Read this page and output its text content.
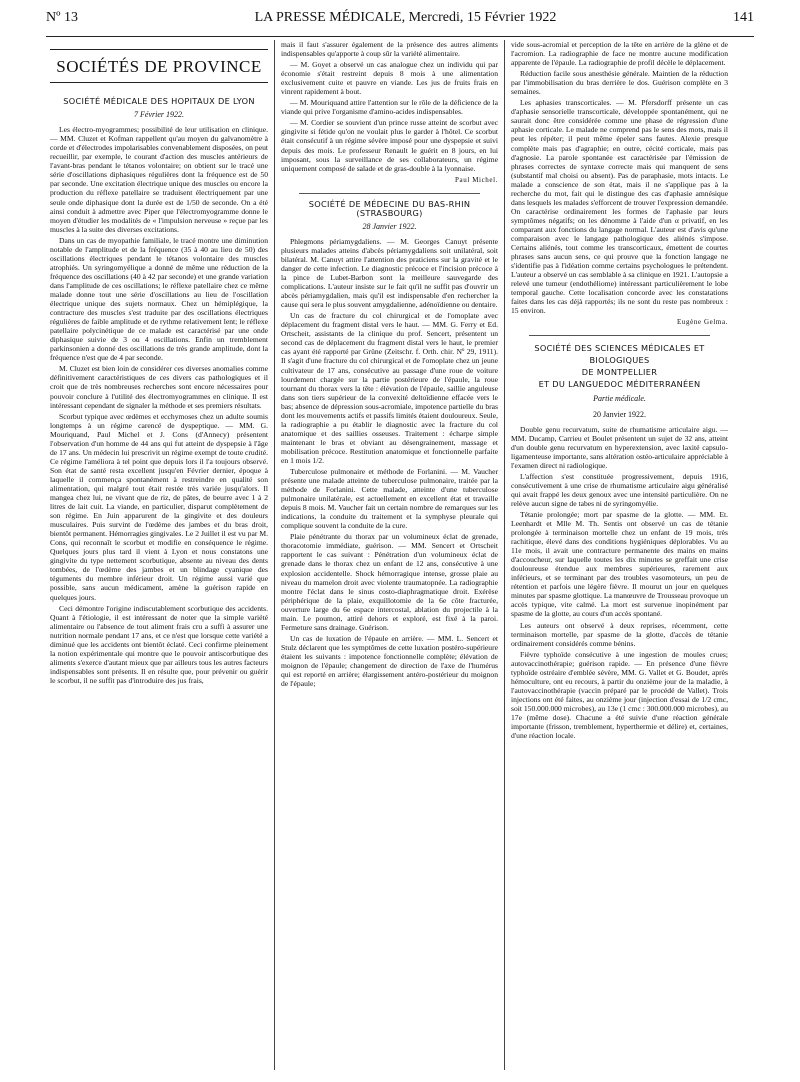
Nº 13	LA PRESSE MÉDICALE, Mercredi, 15 Février 1922	141
SOCIÉTÉS DE PROVINCE
SOCIÉTÉ MÉDICALE DES HOPITAUX DE LYON
7 Février 1922.

Les électro-myogrammes; possibilité de leur utilisation en clinique. — MM. Cluzet et Kofman rappellent qu'au moyen du galvanomètre à corde et d'électrodes impolarisables convenablement disposées, on peut recueillir, par exemple, le courant d'action des muscles antérieurs de l'avant-bras pendant le tétanos volontaire; on obtient sur le tracé une série d'oscillations diphasiques régulières dont la fréquence est de 50 par seconde. Une excitation électrique unique des muscles ou encore la production du réflexe patellaire se traduisent électriquement par une seule onde diphasique dont la durée est de 1/50 de seconde. On a été ainsi conduit à admettre avec Piper que l'électromyogramme donne le moyen d'étudier les modalités de « l'impulsion nerveuse » reçue par les muscles à la suite des diverses excitations.

Dans un cas de myopathie familiale, le tracé montre une diminution notable de l'amplitude et de la fréquence (35 à 40 au lieu de 50) des oscillations électriques pendant le tétanos volontaire des muscles atrophiés. Un syringomyélique a donné de même une réduction de la fréquence des oscillations (40 à 42 par seconde) et une grande variation dans l'amplitude de ces oscillations; le réflexe patellaire chez ce même malade donne tout une série d'oscillations au lieu de l'oscillation électrique unique des sujets normaux. Chez un hémiplégique, la contracture des muscles s'est traduite par des oscillations électriques régulières de faible amplitude et de rythme relativement lent; le réflexe patellaire polycinétique de ce malade est caractérisé par une onde diphasique suivie de 3 ou 4 oscillations. Enfin un tremblement parkinsonien a donné des oscillations de très grande amplitude, dont la fréquence n'est que de 4 par seconde.

M. Cluzet est bien loin de considérer ces diverses anomalies comme définitivement caractéristiques de ces divers cas pathologiques et il croit que de très nombreuses recherches sont encore nécessaires pour pouvoir conclure à l'utilité des électromyogrammes en clinique. Il est intéressant cependant de signaler la méthode et ses premiers résultats.

Scorbut typique avec œdèmes et ecchymoses chez un adulte soumis longtemps à un régime carencé de dyspeptique. — MM. G. Mouriquand, Paul Michel et J. Cons (d'Annecy) présentent l'observation d'un homme de 44 ans qui fut atteint de dyspepsie à l'âge de 17 ans. Un médecin lui prescrivit un régime exempt de toute crudité. Ce régime l'améliora à tel point que depuis lors il l'a toujours observé. Son état de santé resta excellent jusqu'en Février dernier, époque à laquelle il commença spontanément à restreindre en qualité son alimentation, qui malgré tout était restée très variée jusqu'alors. Il mangea chez lui, ne vivant que de riz, de pâtes, de beurre avec 1 à 2 litres de lait cuit. La viande, en particulier, disparut complètement de son régime. En Juin apparurent de la gingivite et des douleurs musculaires. Puis survint de l'œdème des jambes et du bras droit, bientôt permanent. Hémorragies gingivales. Le 2 Juillet il est vu par M. Cons, qui reconnaît le scorbut et modifie en conséquence le régime. Quelques jours plus tard il vient à Lyon et nous constatons une gingivite du type nettement scorbutique, absente au niveau des dents tombées, de l'œdème des jambes et un blindage cyanique des téguments du membre inférieur droit. Un régime aussi varié que possible, sans aucun médicament, amène la guérison rapide en quelques jours.

Ceci démontre l'origine indiscutablement scorbutique des accidents. Quant à l'étiologie, il est intéressant de noter que la simple variété alimentaire ou l'absence de tout aliment frais cru a suffi à assurer une nutrition normale pendant 17 ans, et ce n'est que lorsque cette variété a diminué que les accidents ont bientôt éclaté. Ceci confirme pleinement la notion expérimentale qui montre que le pouvoir antiscorbutique des aliments s'exerce d'autant mieux que par ailleurs tous les autres facteurs indispensables sont présents. Il en résulte que, pour prévenir ou guérir le scorbut, il ne suffit pas d'introduire des jus frais,

mais il faut s'assurer également de la présence des autres aliments indispensables qu'apporte à coup sûr la variété alimentaire.

— M. Goyet a observé un cas analogue chez un individu qui par économie s'était restreint depuis 8 mois à une alimentation exclusivement cuite et pauvre en viande. Les jus de fruits frais en vinrent rapidement à bout.

— M. Mouriquand attire l'attention sur le rôle de la déficience de la viande qui prive l'organisme d'amino-acides indispensables.

— M. Cordier se souvient d'un prince russe atteint de scorbut avec gingivite si fétide qu'on ne voulait plus le garder à l'hôtel. Ce scorbut était consécutif à un régime sévère imposé pour une dyspepsie et suivi depuis des mois. Le professeur Renault le guérit en 8 jours, en lui imposant, sous la surveillance de ses collaborateurs, un régime uniquement composé de salade et de gras-double à la lyonnaise.

Paul Michel.
SOCIÉTÉ DE MÉDECINE DU BAS-RHIN (STRASBOURG)
28 Janvier 1922.

Phlegmons périamygdaliens. — M. Georges Canuyt présente plusieurs malades atteins d'abcès périamygdaliens soit unilatéral, soit bilatéral. M. Canuyt attire l'attention des praticiens sur la gravité et le danger de cette infection. Le diagnostic précoce et l'incision précoce à la pince de Lubet-Barbon sont la meilleure sauvegarde des complications. L'auteur insiste sur le fait qu'il ne suffit pas d'ouvrir un abcès périamygdalien, mais qu'il est indispensable d'en rechercher la cause qui sera le plus souvent amygdalienne, adénoïdienne ou dentaire.

Un cas de fracture du col chirurgical et de l'omoplate avec déplacement du fragment distal vers le haut. — MM. G. Ferry et Ed. Ortscheit, assistants de la clinique du prof. Sencert, présentent un second cas de déplacement du fragment distal vers le haut, le premier cas ayant été rapporté par Grüne (Zeitschr. f. Orth. chir. Nº 29, 1911). Il s'agit d'une fracture du col chirurgical et de l'omoplate chez un jeune cultivateur de 17 ans, consécutive au passage d'une roue de voiture lourdement chargée sur la partie postérieure de l'épaule, la roue tournant du thorax vers la tête : élévation de l'épaule, saillie anguleuse dans son tiers supérieur de la convexité deltoïdienne effacée vers le bas; absence de dépression sous-acromiale, impotence partielle du bras dont les mouvements actifs et passifs limités étaient douloureux. Seule, la radiographie a pu établir le diagnostic avec la fracture du col anatomique et des saillies osseuses. Traitement : écharpe simple maintenant le bras et obviant au désengrainement, massage et mobilisation précoce. Restitution anatomique et fonctionnelle parfaite en 1 mois 1/2.

Tuberculose pulmonaire et méthode de Forlanini. — M. Vaucher présente une malade atteinte de tuberculose pulmonaire, traitée par la méthode de Forlanini. Cette malade, atteinte d'une tuberculose pulmonaire unilatérale, est actuellement en excellent état et travaille depuis 8 mois. M. Vaucher fait un certain nombre de remarques sur les indications, la conduite du traitement et la symphyse pleurale qui complique souvent la conduite de la cure.

Plaie pénétrante du thorax par un volumineux éclat de grenade, thoracotomie immédiate, guérison. — MM. Sencert et Ortscheit rapportent le cas suivant : Pénétration d'un volumineux éclat de grenade dans le thorax chez un enfant de 12 ans, consécutive à une explosion accidentelle. Shock hémorragique intense, grosse plaie au niveau du mamelon droit avec violente traumatopnée. La radiographie montre l'éclat dans le sinus costo-diaphragmatique droit. Exérèse périphérique de la plaie, exquillotomie de la 6e côte fracturée, ouverture large du 6e espace intercostal, ablation du projectile à la main. Le poumon, attiré dehors et exploré, est fixé à la paroi. Fermeture sans drainage. Guérison.

Un cas de luxation de l'épaule en arrière. — MM. L. Sencert et Stulz déclarent que les symptômes de cette luxation postéro-supérieure étaient les suivants : impotence fonctionnelle complète; élévation de moignon de l'épaule; changement de direction de l'axe de l'humérus qui est reporté en arrière; élargissement antéro-postérieur du moignon de l'épaule;

vide sous-acromial et perception de la tête en arrière de la glène et de l'acromion. La radiographie de face ne montre aucune modification apparente de l'épaule. La radiographie de profil décèle le déplacement.

Réduction facile sous anesthésie générale. Maintien de la réduction par l'immobilisation du bras derrière le dos. Guérison complète en 3 semaines.

Les aphasies transcorticales. — M. Pfersdorff présente un cas d'aphasie sensorielle transcorticale, développée spontanément, qui ne saurait donc être considérée comme une phase de régression d'une aphasie corticale. Le malade ne comprend pas le sens des mots, mais il peut les répéter; il peut même épeler sans fautes. Alexie presque complète mais pas d'agraphie; en outre, cécité corticale, mais pas d'agnosie. La parole spontanée est caractérisée par l'émission de phrases correctes de syntaxe correcte mais qui manquent de sens (substantif mal choisi ou absent). Pas de paraphasie, mots intacts. Le malade a conscience de son état, mais il ne s'applique pas à la recherche du mot, fait qui le distingue des cas d'aphasie amnésique dans lesquels les malades s'efforcent de trouver l'expression demandée. On caractérise ordinairement les formes de l'aphasie par leurs symptômes négatifs; on les dénomme à l'aide d'un α privatif, en les comparant aux fonctions du langage normal. L'auteur est d'avis qu'une comparaison avec le langage pathologique des aliénés s'impose. Certains aliénés, tout comme les transcorticaux, émettent de courtes phrases sans aucun sens, ce qui prouve que la fonction langage ne s'identifie pas à l'idéation comme certains psychologues le prétendent. L'auteur a observé un cas semblable à sa clinique en 1921. L'autopsie a relevé une tumeur (endothéliome) intéressant particulièrement le lobe temporal gauche. Cette localisation concorde avec les constatations faites dans les cas déjà rapportés; ils ne sont du reste pas nombreux : 15 environ.

Eugène Gelma.
SOCIÉTÉ DES SCIENCES MÉDICALES ET BIOLOGIQUES
DE MONTPELLIER
ET DU LANGUEDOC MÉDITERRANÉEN
Partie médicale.
20 Janvier 1922.

Double genu recurvatum, suite de rhumatisme articulaire aigu. — MM. Ducamp, Carrieu et Boulet présentent un sujet de 32 ans, atteint d'un double genu recurvatum en hyperextension, avec laxité capsulo-ligamenteuse importante, sans altération ostéo-articulaire appréciable à l'examen direct ni radiologique.

L'affection s'est constituée progressivement, depuis 1916, consécutivement à une crise de rhumatisme articulaire aigu généralisé qui avait frappé les deux genoux avec une intensité particulière. On ne relève aucun signe de tabes ni de syringomyélie.

Tétanie prolongée; mort par spasme de la glotte. — MM. Et. Leenhardt et Mlle M. Th. Sentis ont observé un cas de tétanie prolongée à terminaison mortelle chez un enfant de 19 mois, très rachitique, élevé dans des conditions hygiéniques déplorables. Vu au 11e mois, il avait une contracture permanente des mains en mains d'accoucheur, sur laquelle toutes les dix minutes se greffait une crise douloureuse étendue aux membres supérieures, rarement aux inférieurs, et se terminant par des troubles vasomoteurs, un peu de rétention et parfois une légère fièvre. Il mourut un jour en quelques minutes par spasme glottique. La manœuvre de Trousseau provoque un accès typique, vite calmé. La mort est survenue inopinément par spasme de la glotte, au cours d'un accès spontané.

Les auteurs ont observé à deux reprises, récemment, cette terminaison mortelle, par spasme de la glotte, d'accès de tétanie ordinairement considérés comme bénins.

Fièvre typhoïde consécutive à une ingestion de moules crues; autovaccinothérapie; guérison rapide. — En présence d'une fièvre typhoïde ostréaire d'emblée sévère, MM. G. Vallet et G. Boudet, après hémoculture, ont eu recours, à partir du onzième jour de la maladie, à l'autovaccinothérapie (vaccin préparé par le procédé de Vallet). Trois injections ont été faites, au onzième jour (injection d'essai de 1/2 cmc, soit 150.000.000 microbes), au 13e (1 cmc : 300.000.000 microbes), au 17e (même dose). Chacune a été suivie d'une réaction générale importante (frisson, tremblement, hyperthermie et délire) et, certaines, d'une réaction locale.
